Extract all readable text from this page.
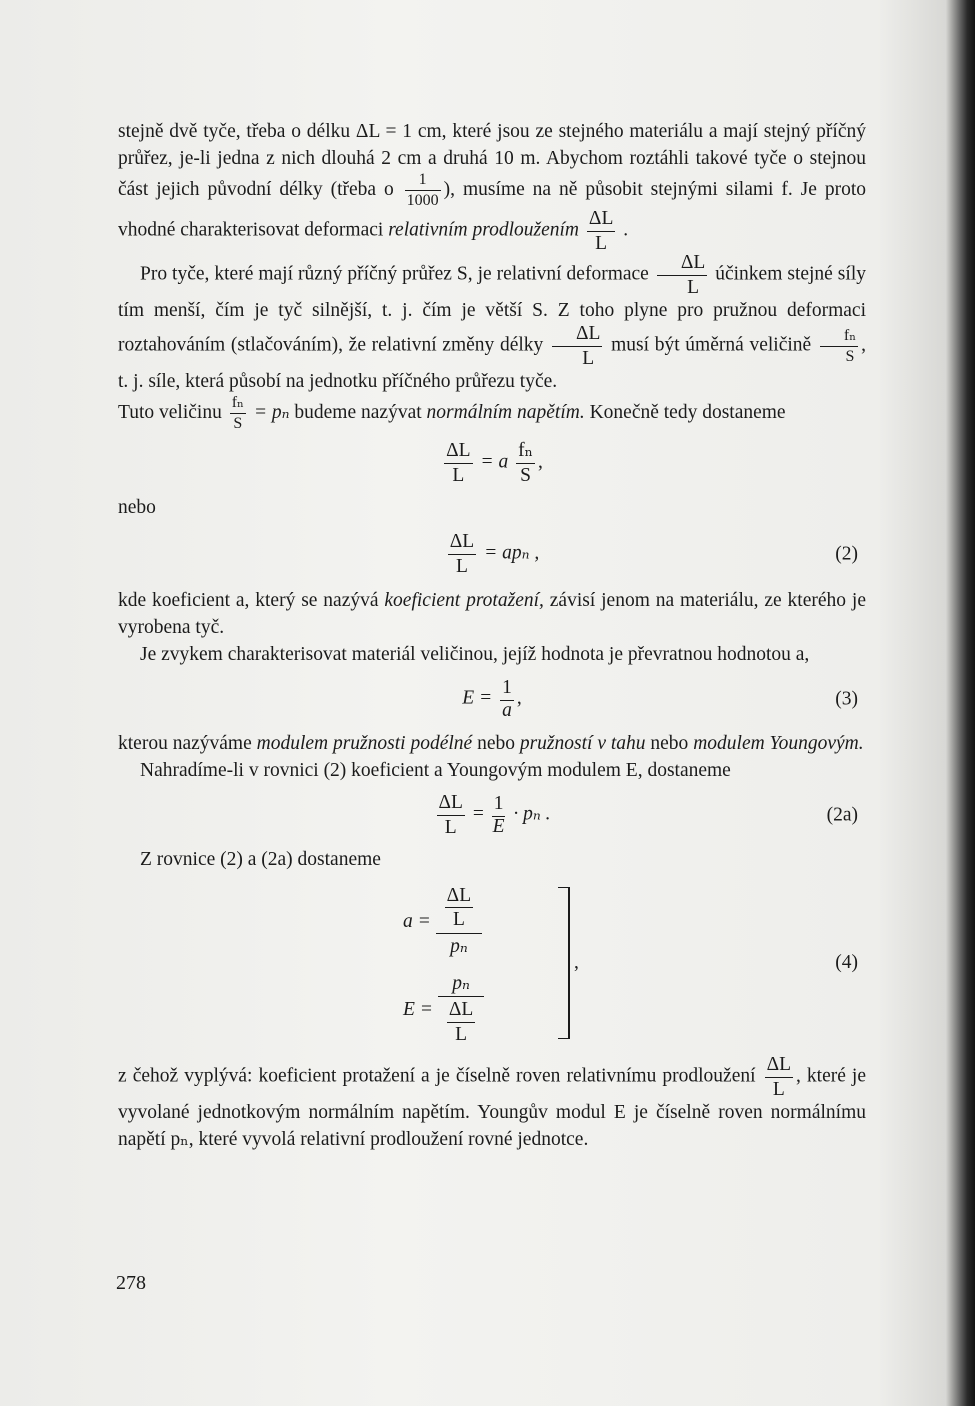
stejně dvě tyče, třeba o délku ΔL = 1 cm, které jsou ze stejného materiálu a mají stejný příčný průřez, je-li jedna z nich dlouhá 2 cm a druhá 10 m. Abychom roztáhli takové tyče o stejnou část jejich původní délky (třeba o $\frac{1}{1000}$ ), musíme na ně působit stejnými silami f. Je proto vhodné charakterisovat deformaci relativním prodloužením $\frac{\Delta L}{L}$ .

Pro tyče, které mají různý příčný průřez S, je relativní deformace $\frac{\Delta L}{L}$ účinkem stejné síly tím menší, čím je tyč silnější, t. j. čím je větší S. Z toho plyne pro pružnou deformaci roztahováním (stlačováním), že relativní změny délky $\frac{\Delta L}{L}$ musí být úměrná veličině $\frac{\text{fₙ}}{S}$ , t. j. síle, která působí na jednotku příčného průřezu tyče.

Tuto veličinu $\frac{\text{fₙ}}{S} = p_n$ budeme nazývat normálním napětím. Konečně tedy dostaneme

$\frac{\Delta L}{L} = a \frac{\text{fₙ}}{S}$ ,

nebo

$\frac{\Delta L}{L} = ap_n$ ,	(2)

kde koeficient a, který se nazývá koeficient protažení, závisí jenom na materiálu, ze kterého je vyrobena tyč.

Je zvykem charakterisovat materiál veličinou, jejíž hodnota je převratnou hodnotou a,

$E = \frac{1}{a}$ ,	(3)

kterou nazýváme modulem pružnosti podélné nebo pružností v tahu nebo modulem Youngovým.

Nahradíme-li v rovnici (2) koeficient a Youngovým modulem E, dostaneme

$\frac{\Delta L}{L} = \frac{1}{E} \cdot p_n$ .	(2a)

Z rovnice (2) a (2a) dostaneme

a =
$\frac{\Delta L}{L}$
pₙ
E =

pₙ
$\frac{\Delta L}{L}$
,	(4)

z čehož vyplývá: koeficient protažení a je číselně roven relativnímu prodloužení $\frac{\Delta L}{L}$ , které je vyvolané jednotkovým normálním napětím. Youngův modul E je číselně roven normálnímu napětí pₙ, které vyvolá relativní prodloužení rovné jednotce.

278
